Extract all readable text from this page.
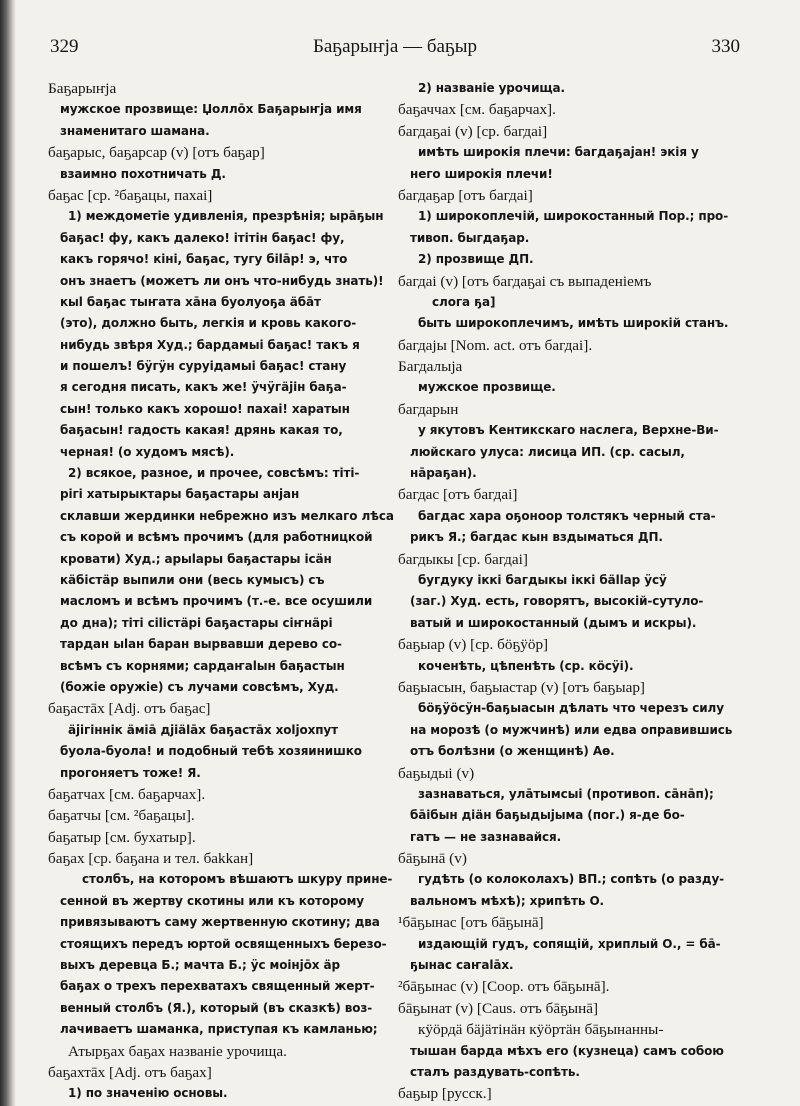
329	Баҕарыҥја — баҕыр	330
Баҕарыҥја
мужское прозвище: Џоллōх Баҕарыҥја имя
знаменитаго шамана.
баҕарыс, баҕарсар (v) [отъ баҕар]
взаимно похотничать Д.
баҕас [ср. ²баҕацы, пахаі]
1) междометіе удивленія, презрѣнія; ырāҕын
баҕас! фу, какъ далеко! ітітін баҕас! фу,
какъ горячо! кіні, баҕас, тугу біlāр! э, что
онъ знаетъ (можетъ ли онъ что-нибудь знать)!
кыl баҕас тыҥата хāна буолуоҕа äбāт
(это), должно быть, легкія и кровь какого-
нибудь звѣря Худ.; бардамыі баҕас! такъ я
и пошелъ! бӱгӱн суруідамыі баҕас! стану
я сегодня писать, какъ же! ӱчӱгäјін баҕа-
сын! только какъ хорошо! пахаі! харатын
баҕасын! гадость какая! дрянь какая то,
черная! (о худомъ мясѣ).
2) всякое, разное, и прочее, совсѣмъ: тіті-
рігі хатырыктары баҕастары анјан
склавши жердинки небрежно изъ мелкаго лѣса
съ корой и всѣмъ прочимъ (для работницкой
кровати) Худ.; арыlары баҕастары ісäн
кäбістäр выпили они (весь кумысъ) съ
масломъ и всѣмъ прочимъ (т.-е. все осушили
до дна); тіті сіlістäрі баҕастары сіҥнäрі
тардан ыlан баран вырвавши дерево со-
всѣмъ съ корнями; сардаҥаlын баҕастын
(божіе оружіе) съ лучами совсѣмъ, Худ.
баҕастāх [Adj. отъ баҕас]
äјігіннік äміā дјіälāх баҕастāх хоlјохпут
буола-буола! и подобный тебѣ хозяинишко
прогоняетъ тоже! Я.
баҕатчах [см. баҕарчах].
баҕатчы [см. ²баҕацы].
баҕатыр [см. бухатыр].
баҕах [ср. баҕана и тел. бakkан]
столбъ, на которомъ вѣшаютъ шкуру прине-
сенной въ жертву скотины или къ которому
привязываютъ саму жертвенную скотину; два
стоящихъ передъ юртой освященныхъ березо-
выхъ деревца Б.; мачта Б.; ӱс моінјōх äр
баҕах о трехъ перехватахъ священный жерт-
венный столбъ (Я.), который (въ сказкѣ) воз-
лачиваетъ шаманка, приступая къ камланью;
Атырҕах баҕах названіе урочища.
баҕахтāх [Adj. отъ баҕах]
1) по значенію основы.
2) названіе урочища.
баҕаччах [см. баҕарчах].
багдаҕаі (v) [ср. багдаі]
имѣть широкія плечи: багдаҕајан! экія у
него широкія плечи!
багдаҕар [отъ багдаі]
1) широкоплечій, широкостанный Пор.; про-
тивоп. быгдаҕар.
2) прозвище ДП.
багдаі (v) [отъ багдаҕаі съ выпаденіемъ
слога ҕа]
быть широкоплечимъ, имѣть широкій станъ.
багдајы [Nom. act. отъ багдаі].
Багдалыја
мужское прозвище.
багдарын
у якутовъ Кентикскаго наслега, Верхне-Ви-
люйскаго улуса: лисица ИП. (ср. сасыл,
нāраҕан).
багдас [отъ багдаі]
багдас хара оҕоноор толстякъ черный ста-
рикъ Я.; багдас кын вздыматься ДП.
багдыкы [ср. багдаі]
бугдуку іккі багдыкы іккі бällар ӱсӱ
(заг.) Худ. есть, говорятъ, высокій-сутуло-
ватый и широкостанный (дымъ и искры).
баҕыар (v) [ср. бöҕӱöр]
коченѣть, цѣпенѣть (ср. кöсӱі).
баҕыасын, баҕыастар (v) [отъ баҕыар]
бöҕӱöсӱн-баҕыасын дѣлать что черезъ силу
на морозѣ (о мужчинѣ) или едва оправившись
отъ болѣзни (о женщинѣ) Аө.
баҕыдыі (v)
зазнаваться, улāтымсыі (противоп. сāнāп);
бāібын діäн баҕыдыјыма (пог.) я-де бо-
гатъ — не зазнавайся.
бāҕынā (v)
гудѣть (о колоколахъ) ВП.; сопѣть (о разду-
вальномъ мѣхѣ); хрипѣть О.
¹бāҕынас [отъ бāҕынā]
издающій гудъ, сопящій, хриплый О., = бā-
ҕынас саҥаlāх.
²бāҕынас (v) [Coop. отъ бāҕынā].
бāҕынат (v) [Caus. отъ бāҕынā]
кӱöрдä бäјäтінäн кӱöртäн бāҕынанны-
тышан барда мѣхъ его (кузнеца) самъ собою
сталъ раздувать-сопѣть.
баҕыр [русск.]
